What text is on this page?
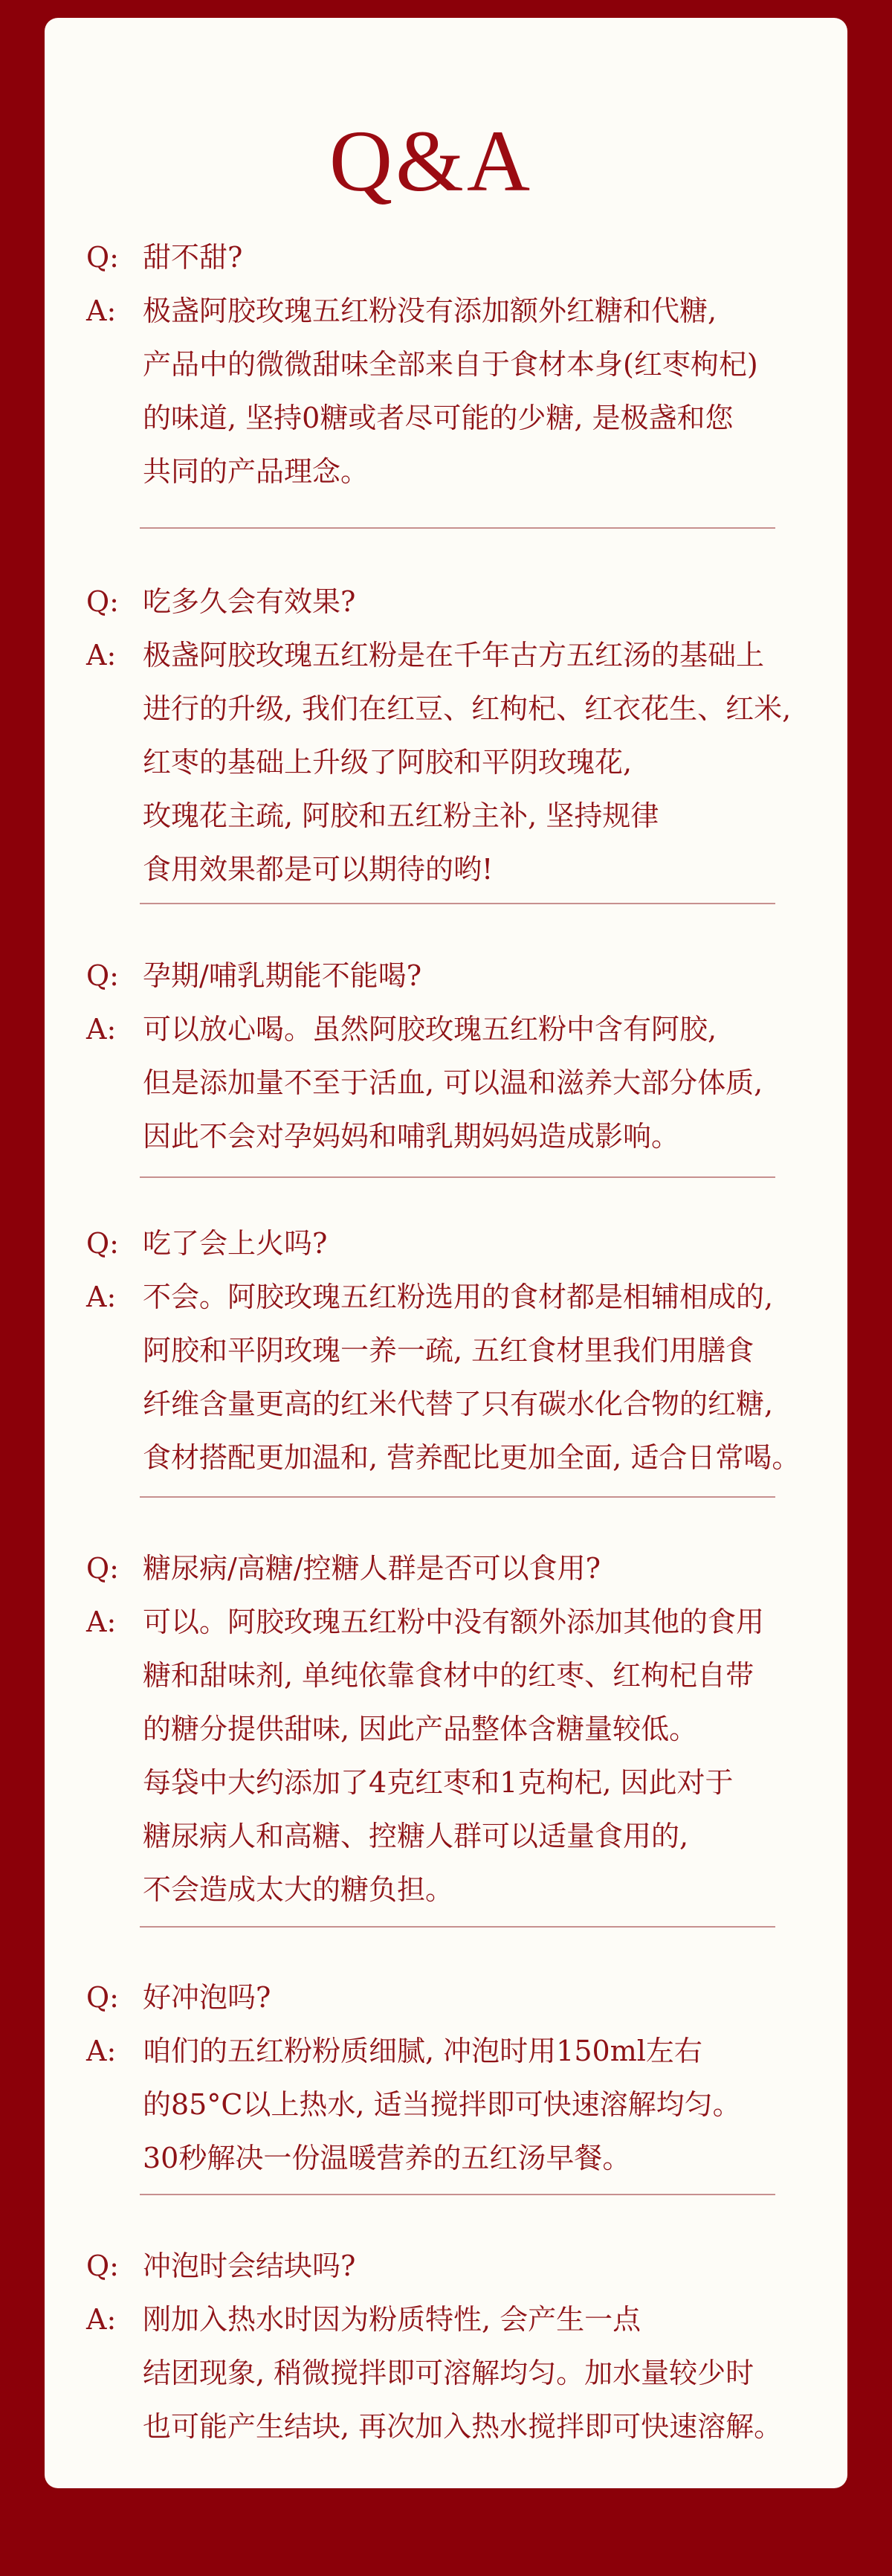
Q&A
Q: 甜不甜?
A: 极盏阿胶玫瑰五红粉没有添加额外红糖和代糖,
产品中的微微甜味全部来自于食材本身(红枣枸杞)
的味道, 坚持0糖或者尽可能的少糖, 是极盏和您
共同的产品理念。
Q: 吃多久会有效果?
A: 极盏阿胶玫瑰五红粉是在千年古方五红汤的基础上
进行的升级, 我们在红豆、红枸杞、红衣花生、红米,
红枣的基础上升级了阿胶和平阴玫瑰花,
玫瑰花主疏, 阿胶和五红粉主补, 坚持规律
食用效果都是可以期待的哟!
Q: 孕期/哺乳期能不能喝?
A: 可以放心喝。虽然阿胶玫瑰五红粉中含有阿胶,
但是添加量不至于活血, 可以温和滋养大部分体质,
因此不会对孕妈妈和哺乳期妈妈造成影响。
Q: 吃了会上火吗?
A: 不会。阿胶玫瑰五红粉选用的食材都是相辅相成的,
阿胶和平阴玫瑰一养一疏, 五红食材里我们用膳食
纤维含量更高的红米代替了只有碳水化合物的红糖,
食材搭配更加温和, 营养配比更加全面, 适合日常喝。
Q: 糖尿病/高糖/控糖人群是否可以食用?
A: 可以。阿胶玫瑰五红粉中没有额外添加其他的食用
糖和甜味剂, 单纯依靠食材中的红枣、红枸杞自带
的糖分提供甜味, 因此产品整体含糖量较低。
每袋中大约添加了4克红枣和1克枸杞, 因此对于
糖尿病人和高糖、控糖人群可以适量食用的,
不会造成太大的糖负担。
Q: 好冲泡吗?
A: 咱们的五红粉粉质细腻, 冲泡时用150ml左右
的85°C以上热水, 适当搅拌即可快速溶解均匀。
30秒解决一份温暖营养的五红汤早餐。
Q: 冲泡时会结块吗?
A: 刚加入热水时因为粉质特性, 会产生一点
结团现象, 稍微搅拌即可溶解均匀。加水量较少时
也可能产生结块, 再次加入热水搅拌即可快速溶解。
